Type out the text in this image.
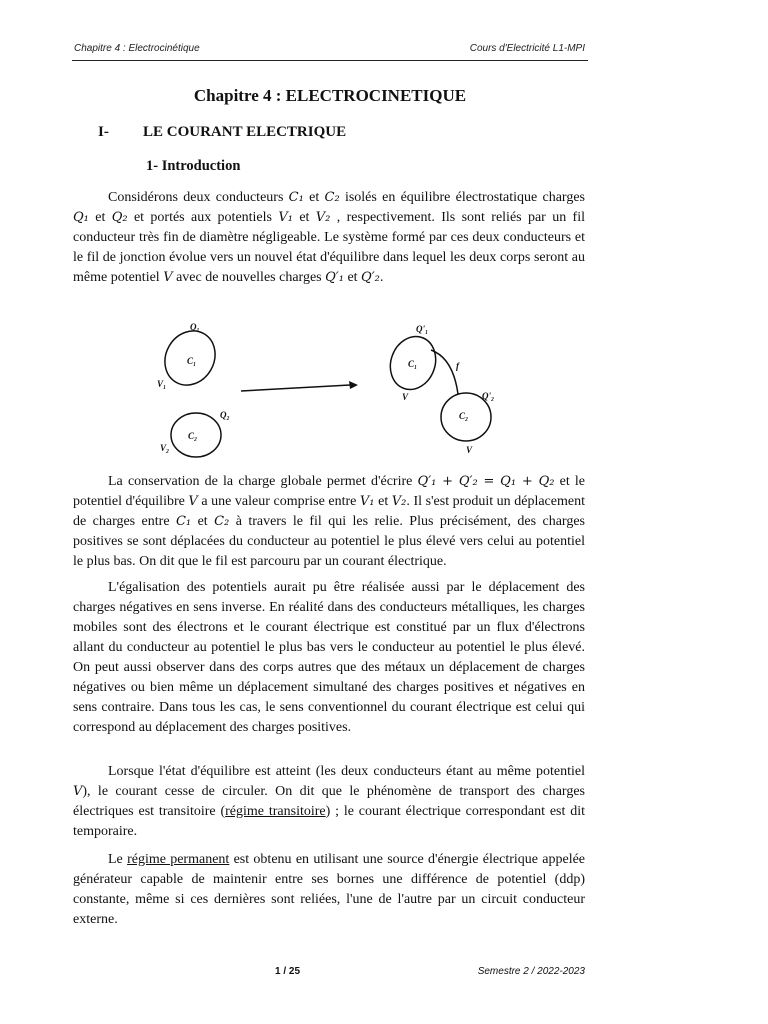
Chapitre 4 : Electrocinétique	Cours d'Electricité L1-MPI
Chapitre 4 : ELECTROCINETIQUE
I- LE COURANT ELECTRIQUE
1- Introduction
Considérons deux conducteurs C₁ et C₂ isolés en équilibre électrostatique charges Q₁ et Q₂ et portés aux potentiels V₁ et V₂ , respectivement. Ils sont reliés par un fil conducteur très fin de diamètre négligeable. Le système formé par ces deux conducteurs et le fil de jonction évolue vers un nouvel état d'équilibre dans lequel les deux corps seront au même potentiel V avec de nouvelles charges Q′₁ et Q′₂.
Q₁
C₁
V₁
Q₂
C₂
V₂
Q'₁
C₁
V
f
Q'₂
C₂
V
La conservation de la charge globale permet d'écrire Q′₁ + Q′₂ = Q₁ + Q₂ et le potentiel d'équilibre V a une valeur comprise entre V₁ et V₂. Il s'est produit un déplacement de charges entre C₁ et C₂ à travers le fil qui les relie. Plus précisément, des charges positives se sont déplacées du conducteur au potentiel le plus élevé vers celui au potentiel le plus bas. On dit que le fil est parcouru par un courant électrique.
L'égalisation des potentiels aurait pu être réalisée aussi par le déplacement des charges négatives en sens inverse. En réalité dans des conducteurs métalliques, les charges mobiles sont des électrons et le courant électrique est constitué par un flux d'électrons allant du conducteur au potentiel le plus bas vers le conducteur au potentiel le plus élevé. On peut aussi observer dans des corps autres que des métaux un déplacement de charges négatives ou bien même un déplacement simultané des charges positives et négatives en sens contraire. Dans tous les cas, le sens conventionnel du courant électrique est celui qui correspond au déplacement des charges positives.
Lorsque l'état d'équilibre est atteint (les deux conducteurs étant au même potentiel V), le courant cesse de circuler. On dit que le phénomène de transport des charges électriques est transitoire (régime transitoire) ; le courant électrique correspondant est dit temporaire.
Le régime permanent est obtenu en utilisant une source d'énergie électrique appelée générateur capable de maintenir entre ses bornes une différence de potentiel (ddp) constante, même si ces dernières sont reliées, l'une de l'autre par un circuit conducteur externe.
1 / 25	Semestre 2 / 2022-2023
